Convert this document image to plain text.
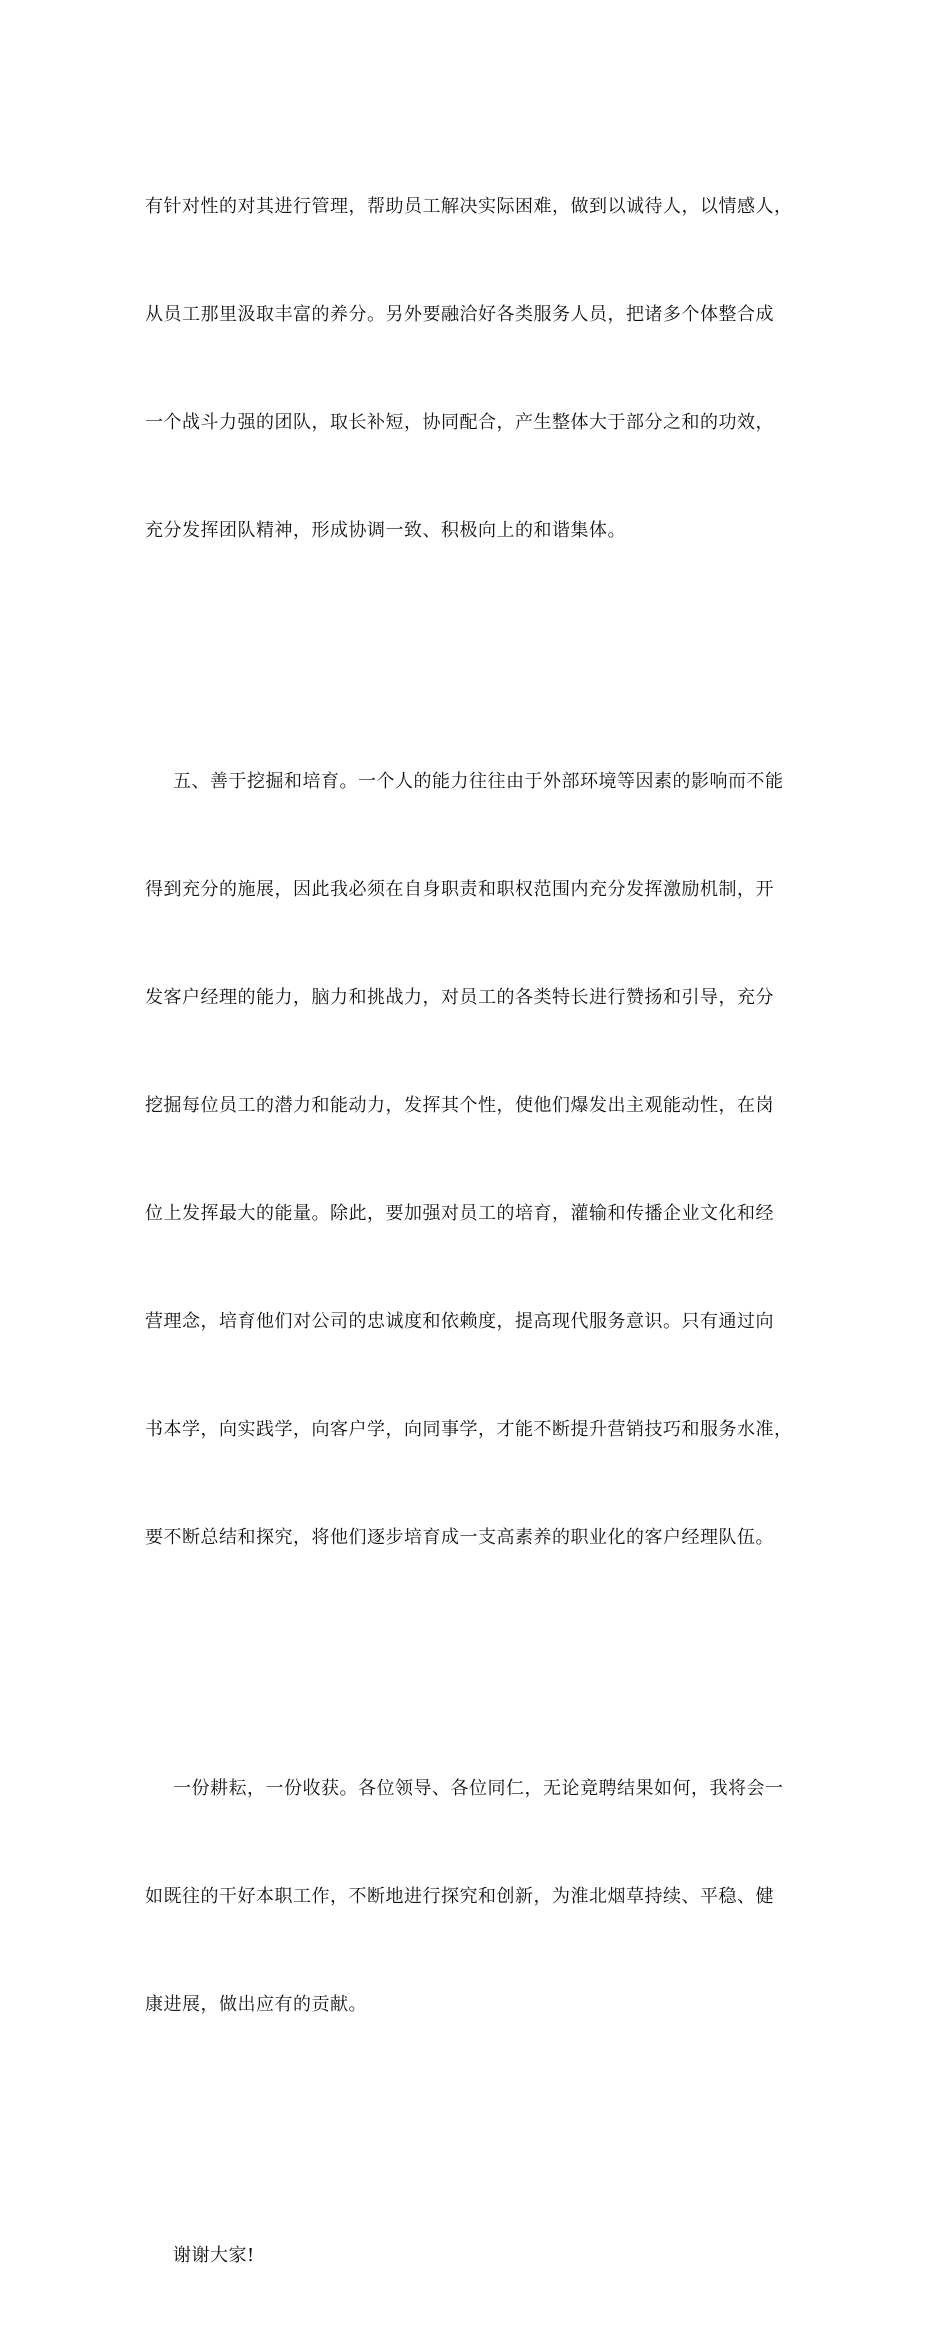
有针对性的对其进行管理，帮助员工解决实际困难，做到以诚待人，以情感人，

从员工那里汲取丰富的养分。另外要融洽好各类服务人员，把诸多个体整合成

一个战斗力强的团队，取长补短，协同配合，产生整体大于部分之和的功效，

充分发挥团队精神，形成协调一致、积极向上的和谐集体。

五、善于挖掘和培育。一个人的能力往往由于外部环境等因素的影响而不能

得到充分的施展，因此我必须在自身职责和职权范围内充分发挥激励机制，开

发客户经理的能力，脑力和挑战力，对员工的各类特长进行赞扬和引导，充分

挖掘每位员工的潜力和能动力，发挥其个性，使他们爆发出主观能动性，在岗

位上发挥最大的能量。除此，要加强对员工的培育，灌输和传播企业文化和经

营理念，培育他们对公司的忠诚度和依赖度，提高现代服务意识。只有通过向

书本学，向实践学，向客户学，向同事学，才能不断提升营销技巧和服务水准，

要不断总结和探究，将他们逐步培育成一支高素养的职业化的客户经理队伍。

一份耕耘，一份收获。各位领导、各位同仁，无论竟聘结果如何，我将会一

如既往的干好本职工作，不断地进行探究和创新，为淮北烟草持续、平稳、健

康进展，做出应有的贡献。

谢谢大家!
